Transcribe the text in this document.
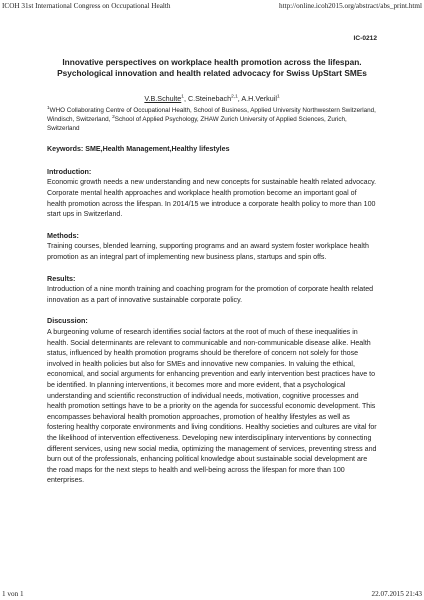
ICOH 31st International Congress on Occupational Health	http://online.icoh2015.org/abstract/abs_print.html
IC-0212
Innovative perspectives on workplace health promotion across the lifespan. Psychological innovation and health related advocacy for Swiss UpStart SMEs
V.B.Schulte$^1$, C.Steinebach$^{2,1}$, A.H.Verkuil$^1$
$^1$WHO Collaborating Centre of Occupational Health, School of Business, Applied University Northwestern Switzerland, Windisch, Switzerland, $^2$School of Applied Psychology, ZHAW Zurich University of Applied Sciences, Zurich, Switzerland
Keywords: SME,Health Management,Healthy lifestyles
Introduction:
Economic growth needs a new understanding and new concepts for sustainable health related advocacy. Corporate mental health approaches and workplace health promotion become an important goal of health promotion across the lifespan. In 2014/15 we introduce a corporate health policy to more than 100 start ups in Switzerland.
Methods:
Training courses, blended learning, supporting programs and an award system foster workplace health promotion as an integral part of implementing new business plans, startups and spin offs.
Results:
Introduction of a nine month training and coaching program for the promotion of corporate health related innovation as a part of innovative sustainable corporate policy.
Discussion:
A burgeoning volume of research identifies social factors at the root of much of these inequalities in health. Social determinants are relevant to communicable and non-communicable disease alike. Health status, influenced by health promotion programs should be therefore of concern not solely for those involved in health policies but also for SMEs and innovative new companies. In valuing the ethical, economical, and social arguments for enhancing prevention and early intervention best practices have to be identified. In planning interventions, it becomes more and more evident, that a psychological understanding and scientific reconstruction of individual needs, motivation, cognitive processes and health promotion settings have to be a priority on the agenda for successful economic development. This encompasses behavioral health promotion approaches, promotion of healthy lifestyles as well as fostering healthy corporate environments and living conditions. Healthy societies and cultures are vital for the likelihood of intervention effectiveness. Developing new interdisciplinary interventions by connecting different services, using new social media, optimizing the management of services, preventing stress and burn out of the professionals, enhancing political knowledge about sustainable social development are the road maps for the next steps to health and well-being across the lifespan for more than 100 enterprises.
1 von 1	22.07.2015 21:43
